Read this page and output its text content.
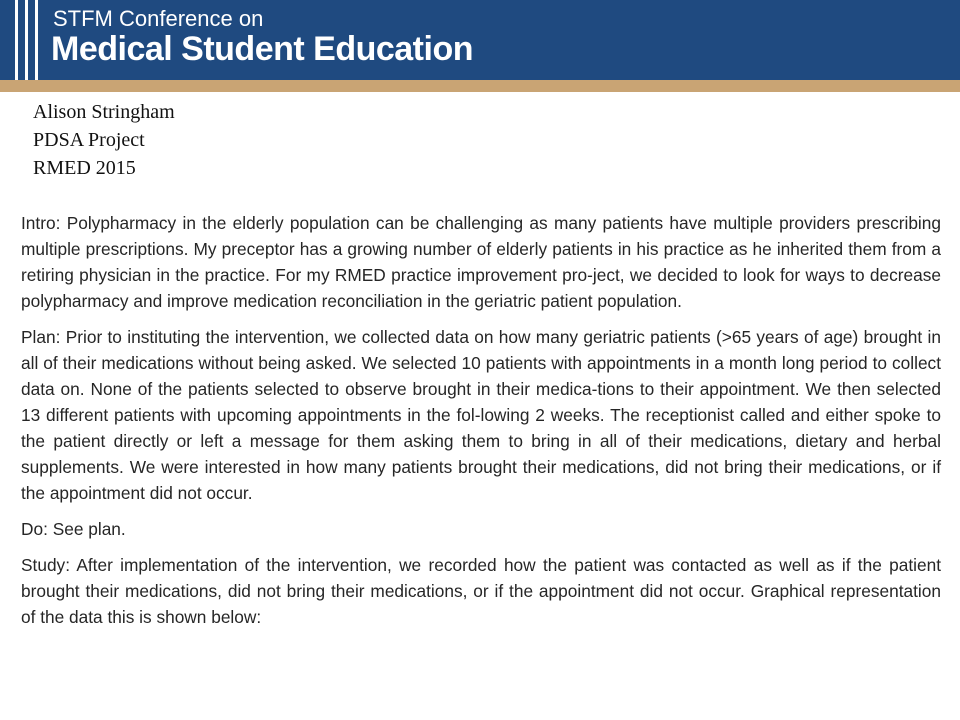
STFM Conference on
Medical Student Education
Alison Stringham
PDSA Project
RMED 2015

Intro: Polypharmacy in the elderly population can be challenging as many patients have multiple providers prescribing multiple prescriptions. My preceptor has a growing number of elderly patients in his practice as he inherited them from a retiring physician in the practice. For my RMED practice improvement pro-ject, we decided to look for ways to decrease polypharmacy and improve medication reconciliation in the geriatric patient population.

Plan: Prior to instituting the intervention, we collected data on how many geriatric patients (>65 years of age) brought in all of their medications without being asked. We selected 10 patients with appointments in a month long period to collect data on. None of the patients selected to observe brought in their medica-tions to their appointment. We then selected 13 different patients with upcoming appointments in the fol-lowing 2 weeks. The receptionist called and either spoke to the patient directly or left a message for them asking them to bring in all of their medications, dietary and herbal supplements. We were interested in how many patients brought their medications, did not bring their medications, or if the appointment did not occur.

Do: See plan.

Study: After implementation of the intervention, we recorded how the patient was contacted as well as if the patient brought their medications, did not bring their medications, or if the appointment did not occur. Graphical representation of the data this is shown below:
